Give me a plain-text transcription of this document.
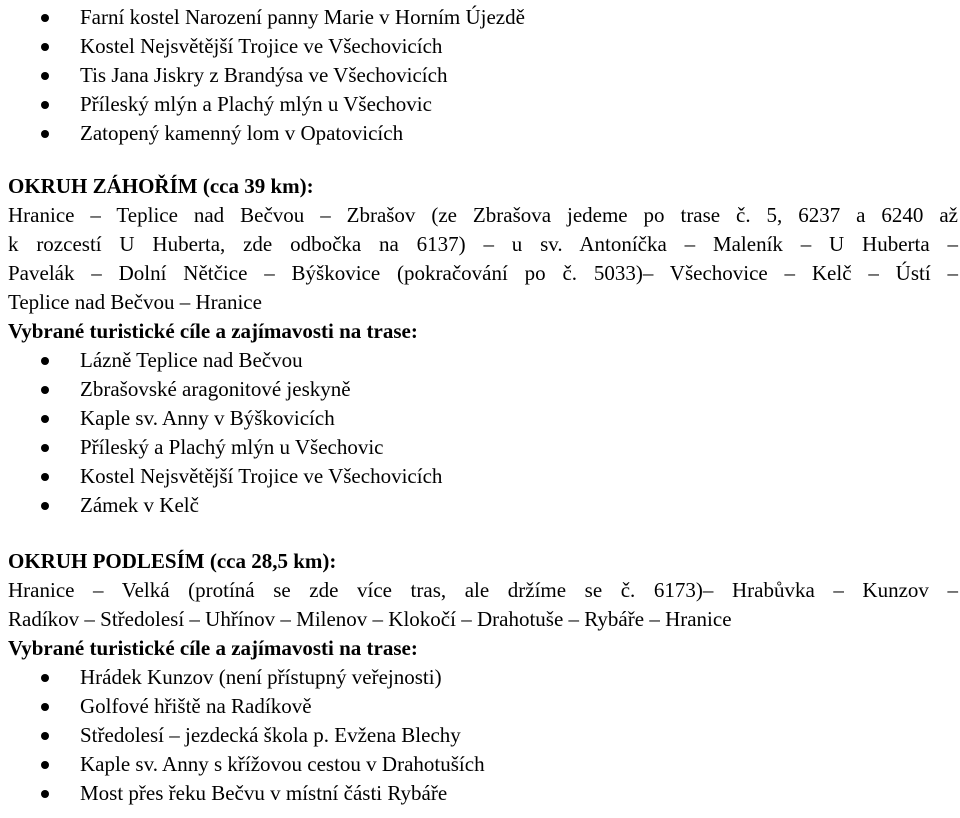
Farní kostel Narození panny Marie v Horním Újezdě
Kostel Nejsvětější Trojice ve Všechovicích
Tis Jana Jiskry z Brandýsa ve Všechovicích
Příleský mlýn a Plachý mlýn u Všechovic
Zatopený kamenný lom v Opatovicích
OKRUH ZÁHOŘÍM (cca 39 km):
Hranice – Teplice nad Bečvou – Zbrašov (ze Zbrašova jedeme po trase č. 5, 6237 a 6240 až
k rozcestí U Huberta, zde odbočka na 6137) – u sv. Antoníčka – Maleník – U Huberta –
Pavelák – Dolní Nětčice – Býškovice (pokračování po č. 5033)– Všechovice – Kelč – Ústí –
Teplice nad Bečvou – Hranice
Vybrané turistické cíle a zajímavosti na trase:
Lázně Teplice nad Bečvou
Zbrašovské aragonitové jeskyně
Kaple sv. Anny v Býškovicích
Příleský a Plachý mlýn u Všechovic
Kostel Nejsvětější Trojice ve Všechovicích
Zámek v Kelč
OKRUH PODLESÍM (cca 28,5 km):
Hranice – Velká (protíná se zde více tras, ale držíme se č. 6173)– Hrabůvka – Kunzov –
Radíkov – Středolesí – Uhřínov – Milenov – Klokočí – Drahotuše – Rybáře – Hranice
Vybrané turistické cíle a zajímavosti na trase:
Hrádek Kunzov (není přístupný veřejnosti)
Golfové hřiště na Radíkově
Středolesí – jezdecká škola p. Evžena Blechy
Kaple sv. Anny s křížovou cestou v Drahotuších
Most přes řeku Bečvu v místní části Rybáře
